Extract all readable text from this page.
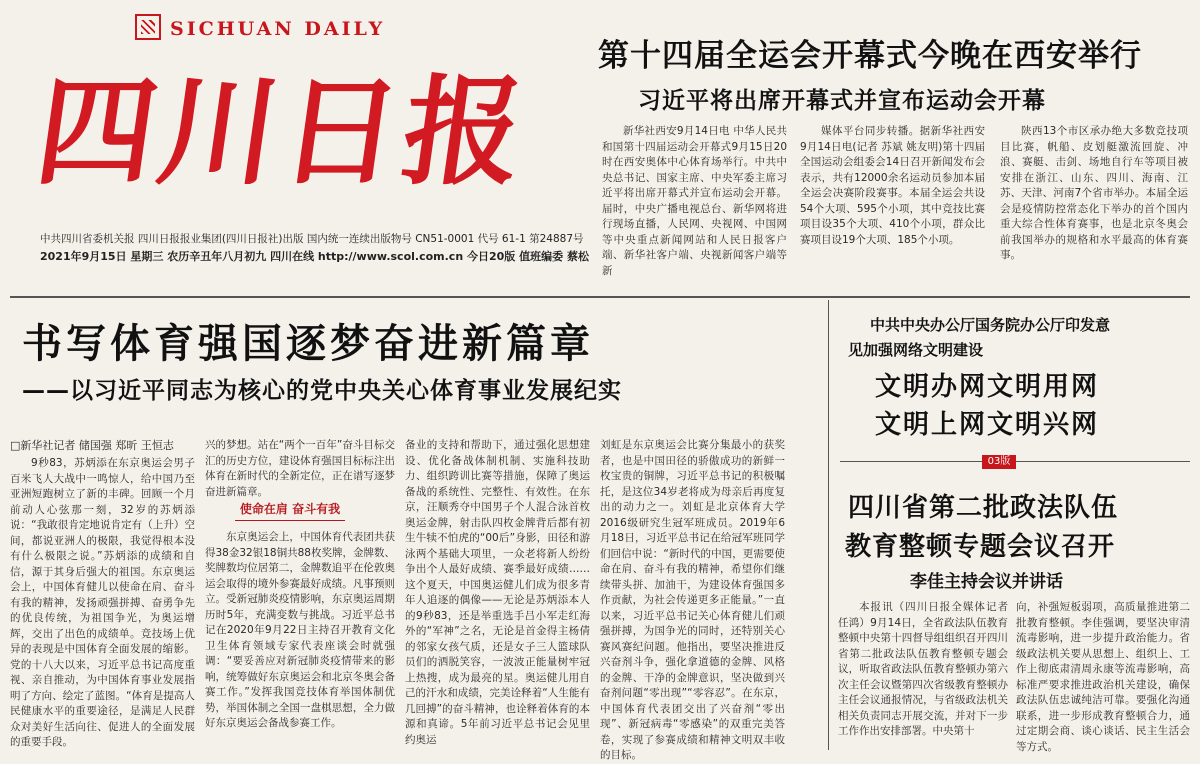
SICHUAN DAILY
四川日报
中共四川省委机关报 四川日报报业集团(四川日报社)出版 国内统一连续出版物号 CN51-0001 代号 61-1 第24887号
2021年9月15日 星期三 农历辛丑年八月初九 四川在线 http://www.scol.com.cn 今日20版 值班编委 蔡松
第十四届全运会开幕式今晚在西安举行
习近平将出席开幕式并宣布运动会开幕

新华社西安9月14日电 中华人民共和国第十四届运动会开幕式9月15日20时在西安奥体中心体育场举行。中共中央总书记、国家主席、中央军委主席习近平将出席开幕式并宣布运动会开幕。届时，中央广播电视总台、新华网将进行现场直播，人民网、央视网、中国网等中央重点新闻网站和人民日报客户端、新华社客户端、央视新闻客户端等新

媒体平台同步转播。据新华社西安9月14日电(记者 苏斌 姚友明)第十四届全国运动会组委会14日召开新闻发布会表示，共有12000余名运动员参加本届全运会决赛阶段赛事。本届全运会共设54个大项、595个小项，其中竞技比赛项目设35个大项、410个小项，群众比赛项目设19个大项、185个小项。

陕西13个市区承办绝大多数竞技项目比赛，帆船、皮划艇激流回旋、冲浪、赛艇、击剑、场地自行车等项目被安排在浙江、山东、四川、海南、江苏、天津、河南7个省市举办。本届全运会是疫情防控常态化下举办的首个国内重大综合性体育赛事，也是北京冬奥会前我国举办的规格和水平最高的体育赛事。

书写体育强国逐梦奋进新篇章
——以习近平同志为核心的党中央关心体育事业发展纪实
□新华社记者 储国强 郑昕 王恒志

9秒83，苏炳添在东京奥运会男子百米飞人大战中一鸣惊人，给中国乃至亚洲短跑树立了新的丰碑。回顾一个月前动人心弦那一刻，32岁的苏炳添说：“我敢很肯定地说肯定有（上升）空间，都说亚洲人的极限，我觉得根本没有什么极限之说。”苏炳添的成绩和自信，源于其身后强大的祖国。东京奥运会上，中国体育健儿以使命在肩、奋斗有我的精神，发扬顽强拼搏、奋勇争先的优良传统，为祖国争光，为奥运增辉，交出了出色的成绩单。竞技场上优异的表现是中国体育全面发展的缩影。党的十八大以来，习近平总书记高度重视、亲自推动，为中国体育事业发展指明了方向、绘定了蓝图。“体育是提高人民健康水平的重要途径，是满足人民群众对美好生活向往、促进人的全面发展的重要手段。

兴的梦想。站在“两个一百年”奋斗目标交汇的历史方位，建设体育强国目标标注出体育在新时代的全新定位，正在谱写逐梦奋进新篇章。

使命在肩 奋斗有我

东京奥运会上，中国体育代表团共获得38金32银18铜共88枚奖牌，金牌数、奖牌数均位居第二，金牌数追平在伦敦奥运会取得的境外参赛最好成绩。凡事预则立。受新冠肺炎疫情影响，东京奥运周期历时5年，充满变数与挑战。习近平总书记在2020年9月22日主持召开教育文化卫生体育领域专家代表座谈会时就强调：“要妥善应对新冠肺炎疫情带来的影响，统筹做好东京奥运会和北京冬奥会备赛工作。”发挥我国竞技体育举国体制优势，举国体制之全国一盘棋思想，全力做好东京奥运会备战参赛工作。

备业的支持和帮助下，通过强化思想建设、优化备战体制机制、实施科技助力、组织跨训比赛等措施，保障了奥运备战的系统性、完整性、有效性。在东京，汪顺秀夺中国男子个人混合泳首枚奥运金牌，射击队四枚金牌背后都有初生牛犊不怕虎的“00后”身影，田径和游泳两个基础大项里，一众老将新人纷纷争出个人最好成绩、赛季最好成绩……这个夏天，中国奥运健儿们成为很多青年人追逐的偶像——无论是苏炳添本人的9秒83，还是举重选手吕小军走红海外的“军神”之名，无论是首金得主杨倩的邻家女孩气质，还是女子三人篮球队员们的洒脱笑容，一波波正能量树牢冠上热搜，成为最亮的星。奥运健儿用自己的汗水和成绩，完美诠释着“人生能有几回搏”的奋斗精神，也诠释着体育的本源和真谛。5年前习近平总书记会见里约奥运

刘虹是东京奥运会比赛分集最小的获奖者，也是中国田径的骄傲成功的新鲜一枚宝贵的铜牌，习近平总书记的积极嘱托，是这位34岁老将成为母亲后再度复出的动力之一。刘虹是北京体育大学2016级研究生冠军班成员。2019年6月18日，习近平总书记在给冠军班同学们回信中说：“新时代的中国，更需要使命在肩、奋斗有我的精神，希望你们继续带头拼、加油干，为建设体育强国多作贡献，为社会传递更多正能量。”一直以来，习近平总书记关心体育健儿们顽强拼搏，为国争光的同时，还特别关心赛风赛纪问题。他指出，要坚决推进反兴奋剂斗争，强化拿道德的金牌、风格的金牌、干净的金牌意识，坚决做到兴奋剂问题“零出现”“零容忍”。在东京，中国体育代表团交出了兴奋剂“零出现”、新冠病毒“零感染”的双重完美答卷，实现了参赛成绩和精神文明双丰收的目标。

中共中央办公厅国务院办公厅印发意
见加强网络文明建设
文明办网文明用网
文明上网文明兴网
03版
四川省第二批政法队伍
教育整顿专题会议召开
李佳主持会议并讲话

本报讯（四川日报全媒体记者 任鸿）9月14日，全省政法队伍教育整顿中央第十四督导组组织召开四川省第二批政法队伍教育整顿专题会议，听取省政法队伍教育整顿办第六次主任会议暨第四次省级教育整顿办主任会议通报情况，与省级政法机关相关负责同志开展交流，并对下一步工作作出安排部署。中央第十

向，补强短板弱项，高质量推进第二批教育整顿。李佳强调，要坚决审清流毒影响，进一步提升政治能力。省级政法机关要从思想上、组织上、工作上彻底肃清周永康等流毒影响，高标准严要求推进政治机关建设，确保政法队伍忠诚纯洁可靠。要强化沟通联系，进一步形成教育整顿合力，通过定期会商、谈心谈话、民主生活会等方式。
